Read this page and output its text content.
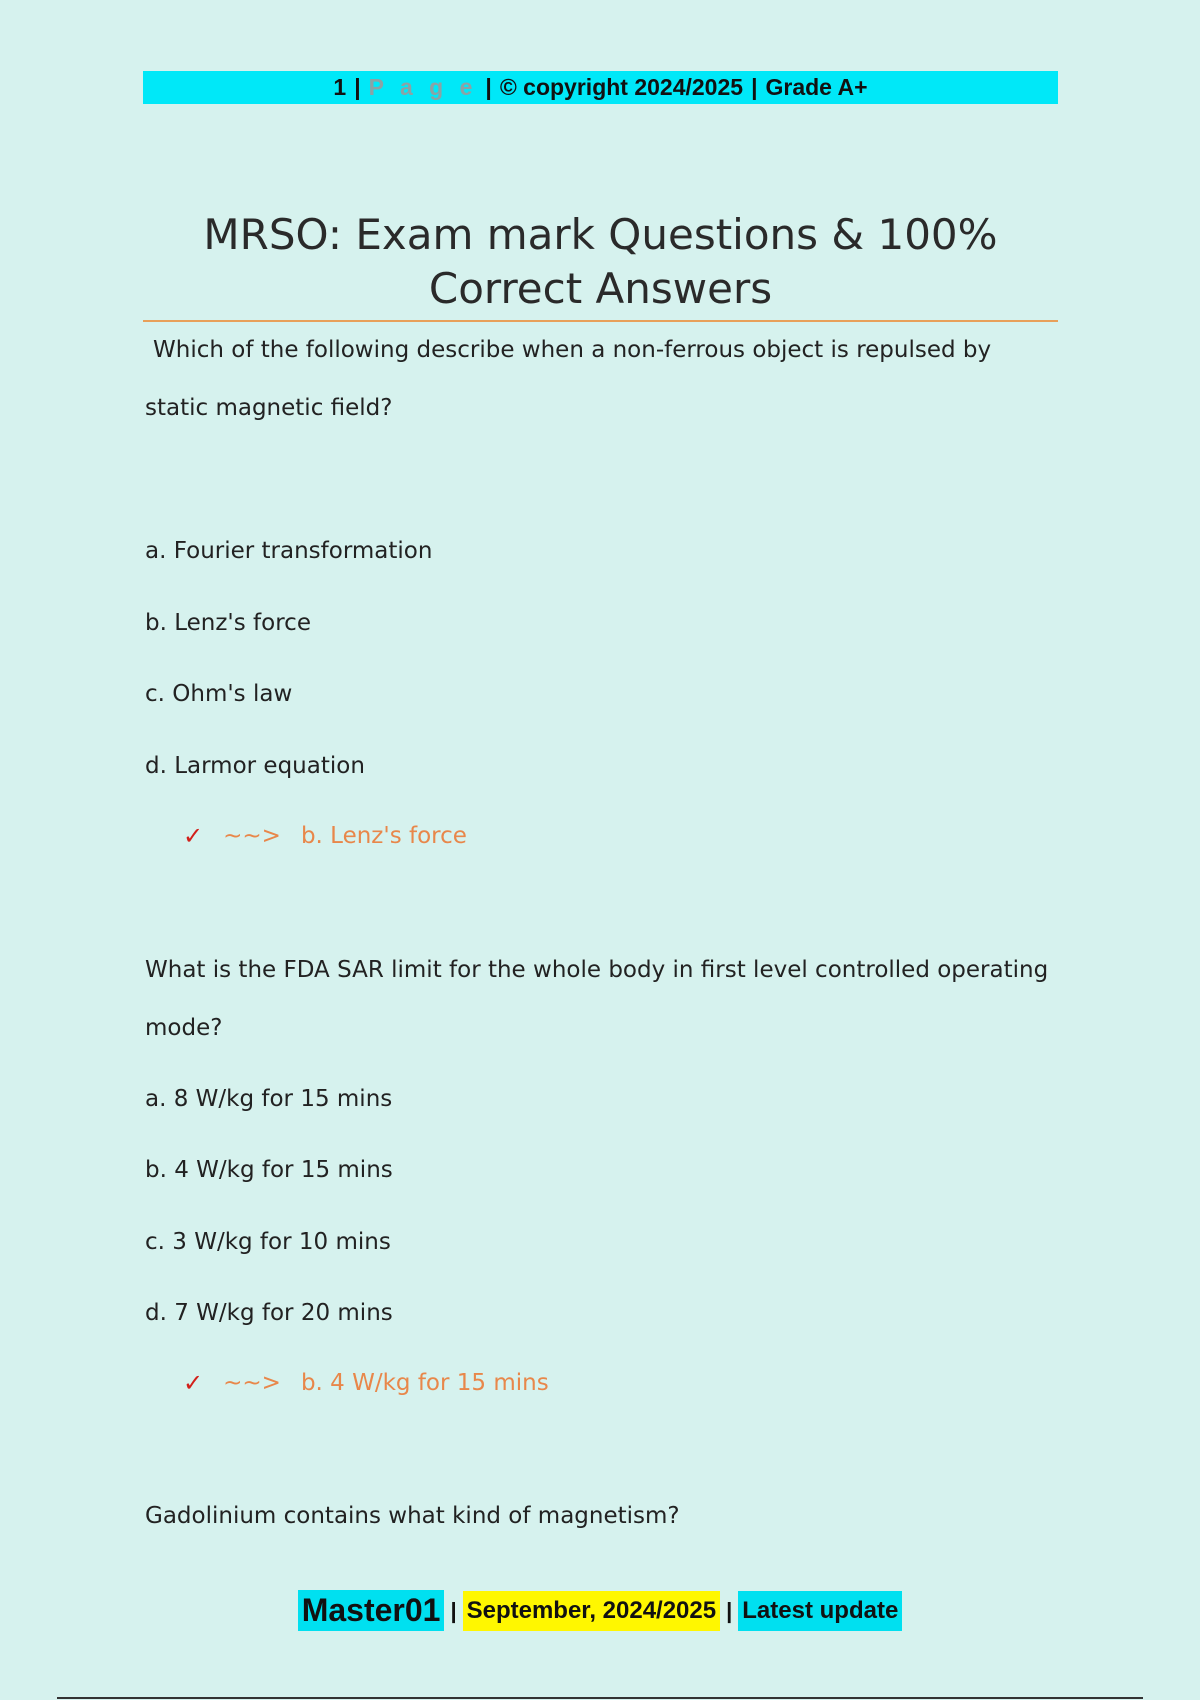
1 | P a g e | © copyright 2024/2025 | Grade A+
MRSO: Exam mark Questions & 100%
Correct Answers
Which of the following describe when a non-ferrous object is repulsed by static magnetic field?
a. Fourier transformation
b. Lenz's force
c. Ohm's law
d. Larmor equation
✓ ~~> b. Lenz's force
What is the FDA SAR limit for the whole body in first level controlled operating mode?
a. 8 W/kg for 15 mins
b. 4 W/kg for 15 mins
c. 3 W/kg for 10 mins
d. 7 W/kg for 20 mins
✓ ~~> b. 4 W/kg for 15 mins
Gadolinium contains what kind of magnetism?
Master01 | September, 2024/2025 | Latest update
